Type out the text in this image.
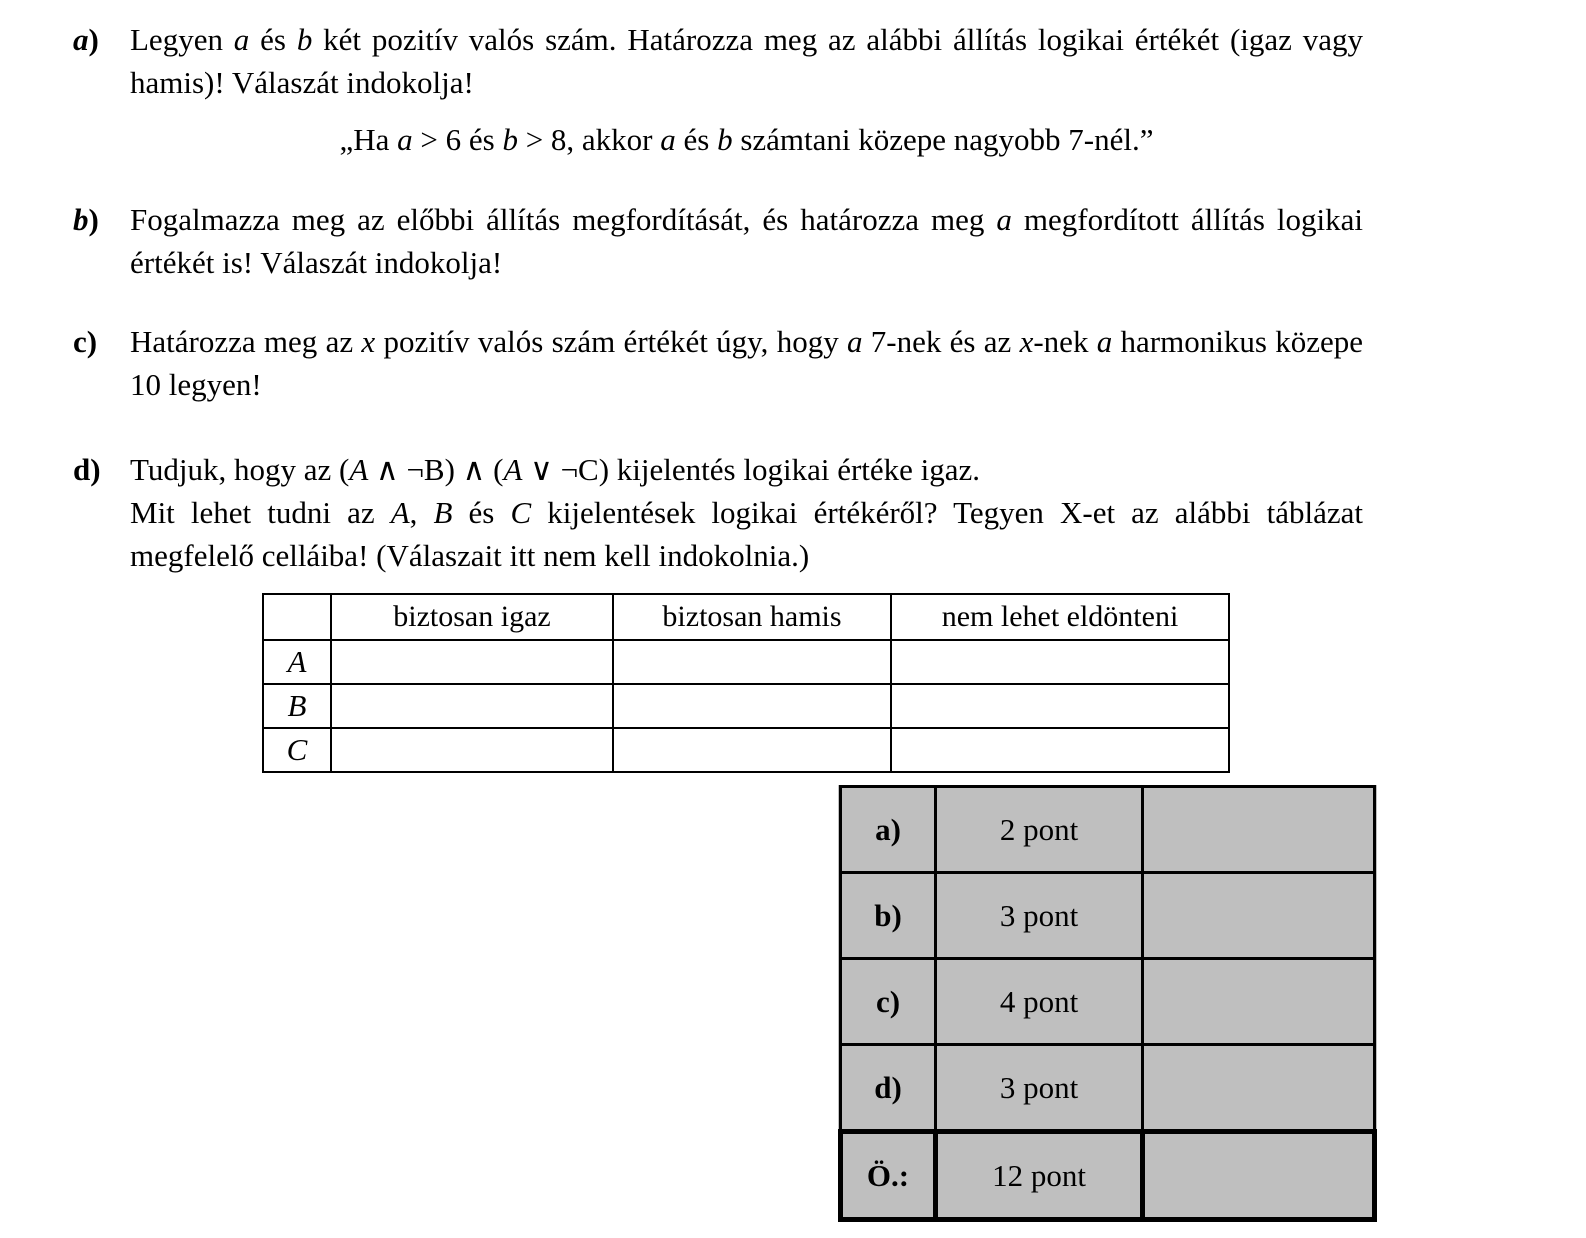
a)	Legyen a és b két pozitív valós szám. Határozza meg az alábbi állítás logikai értékét (igaz vagy hamis)! Válaszát indokolja!

„Ha a > 6 és b > 8, akkor a és b számtani közepe nagyobb 7-nél.”

b)	Fogalmazza meg az előbbi állítás megfordítását, és határozza meg a megfordított állítás logikai értékét is! Válaszát indokolja!

c)	Határozza meg az x pozitív valós szám értékét úgy, hogy a 7-nek és az x-nek a harmonikus közepe 10 legyen!

d) Tudjuk, hogy az (A ∧ ¬B) ∧ (A ∨ ¬C) kijelentés logikai értéke igaz.

Mit lehet tudni az A, B és C kijelentések logikai értékéről? Tegyen X-et az alábbi táblázat megfelelő celláiba! (Válaszait itt nem kell indokolnia.)

	biztosan igaz	biztosan hamis	nem lehet eldönteni
A			
B			
C			
a)	2 pont	
b)	3 pont	
c)	4 pont	
d)	3 pont	
Ö.:	12 pont	
